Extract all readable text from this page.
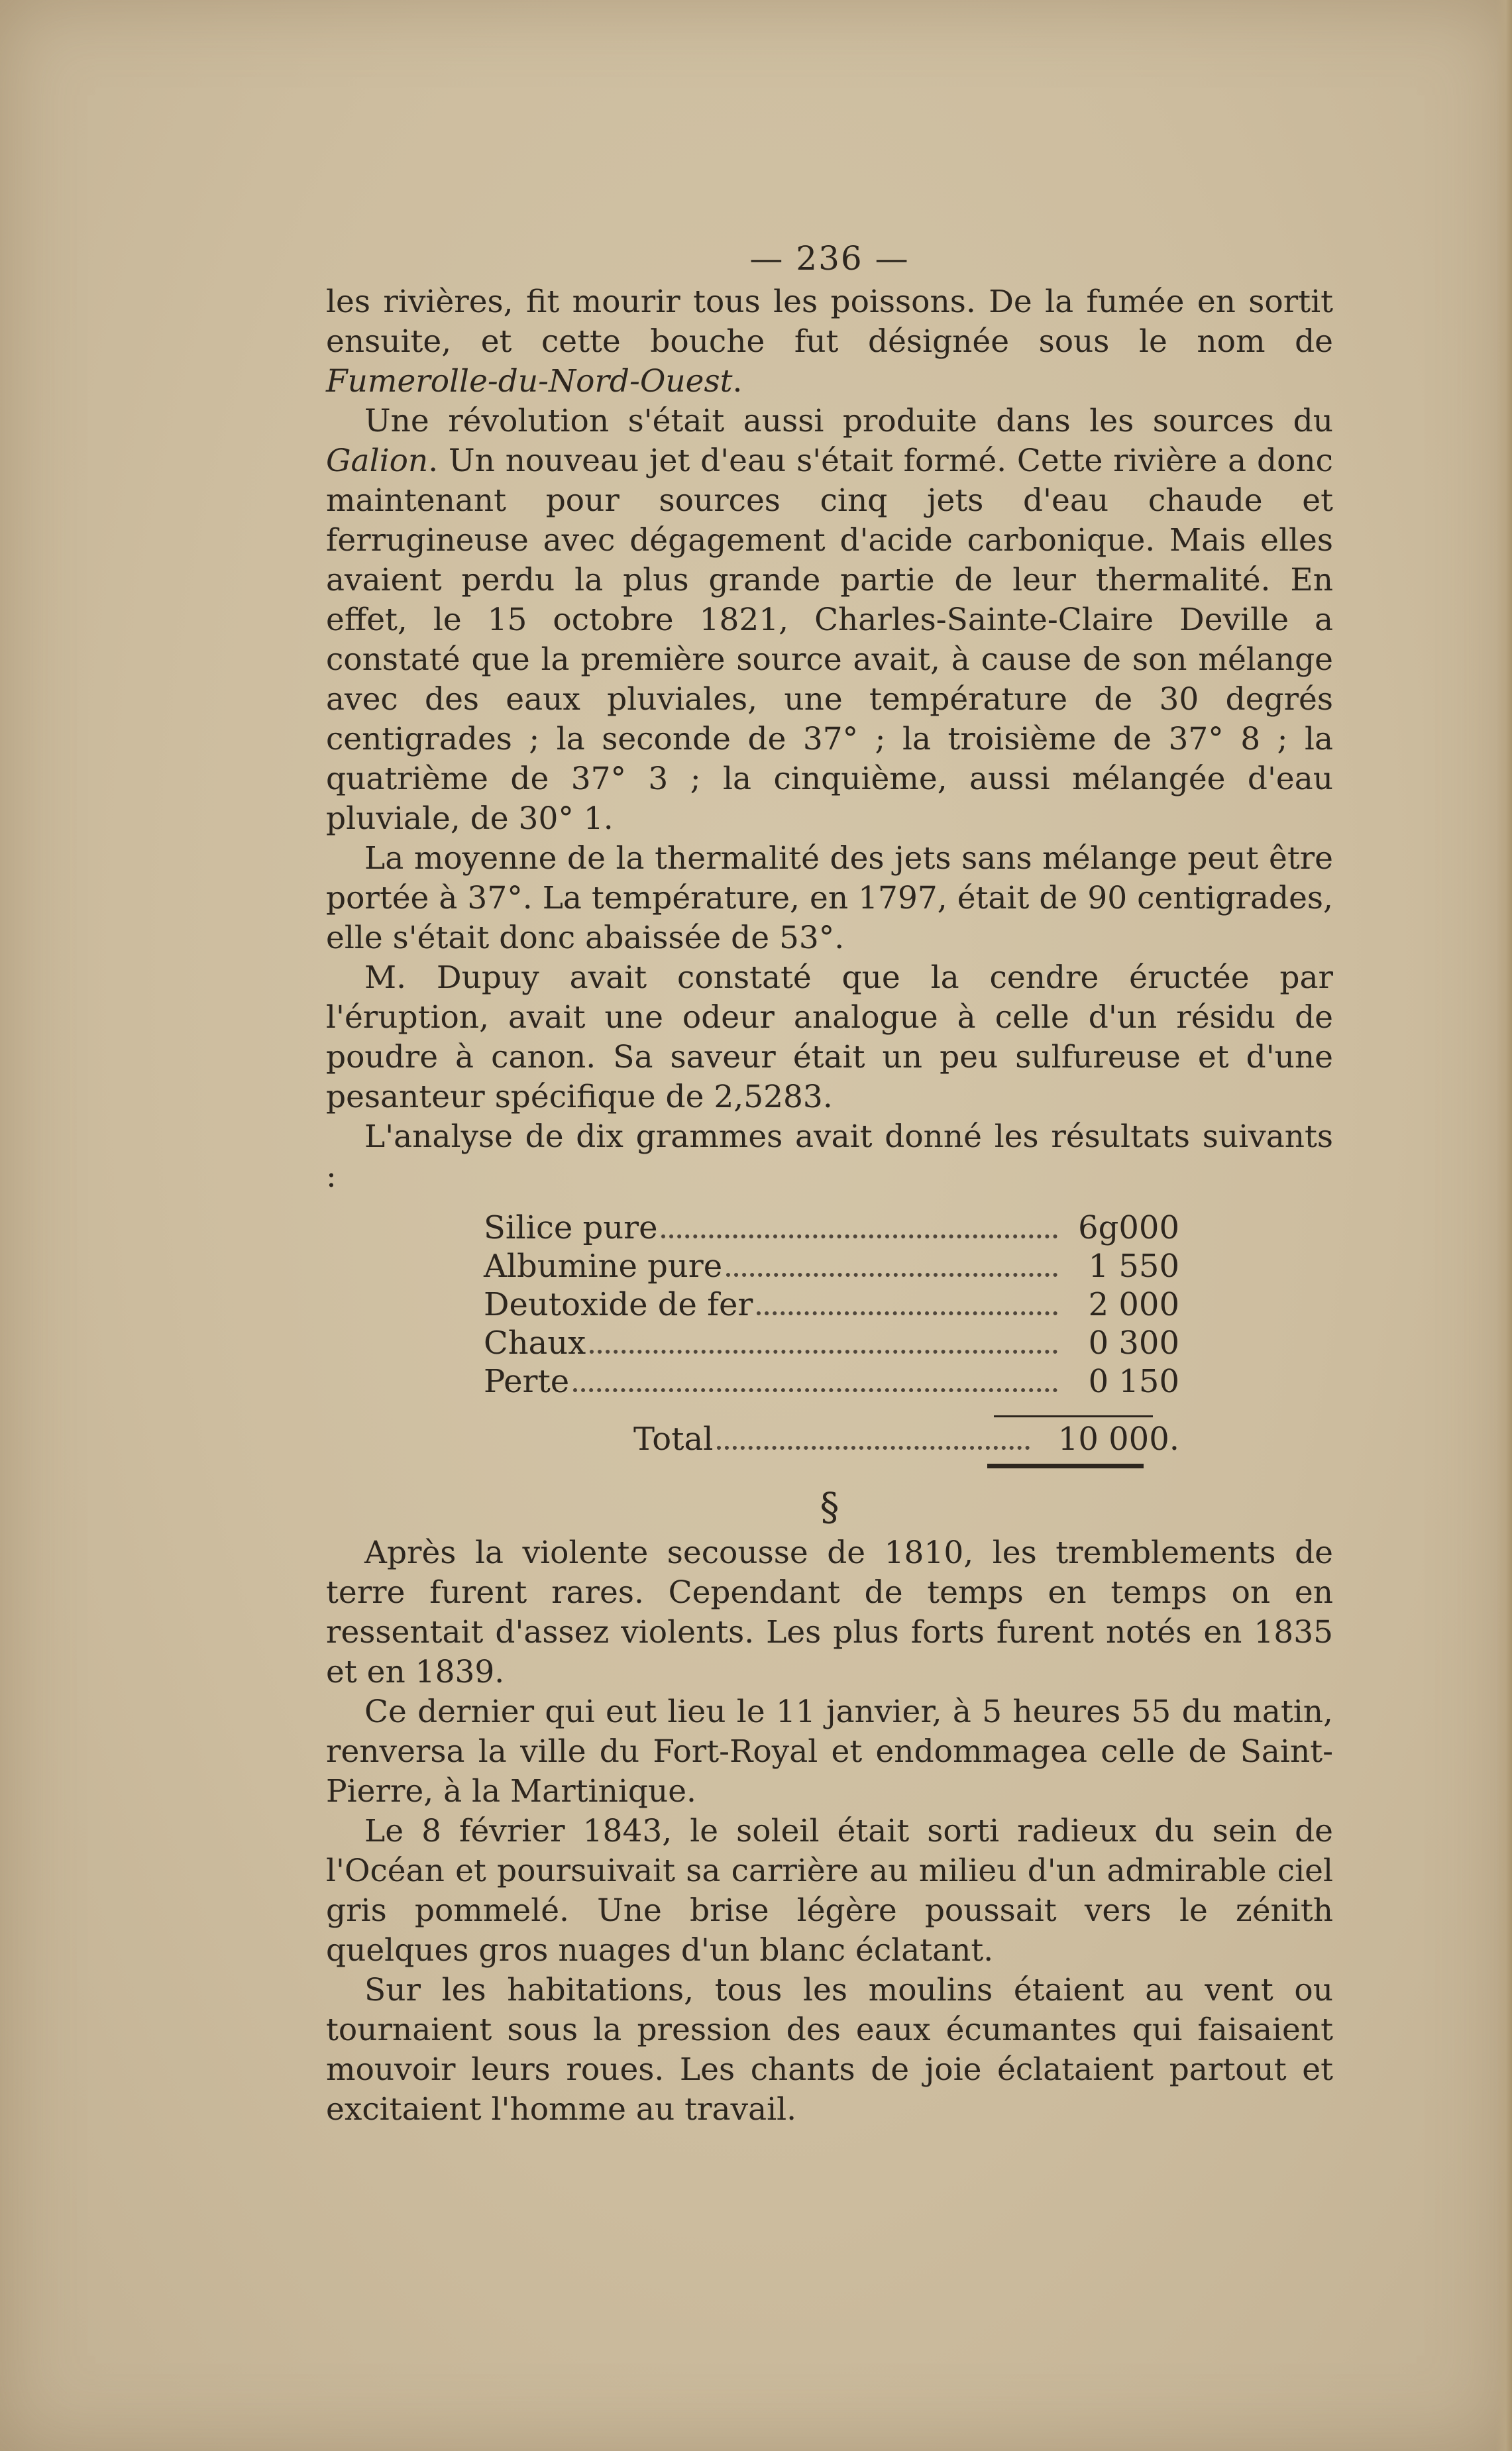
— 236 —

les rivières, fit mourir tous les poissons. De la fumée en sortit ensuite, et cette bouche fut désignée sous le nom de Fumerolle-du-Nord-Ouest.

Une révolution s'était aussi produite dans les sources du Galion. Un nouveau jet d'eau s'était formé. Cette rivière a donc maintenant pour sources cinq jets d'eau chaude et ferrugineuse avec dégagement d'acide carbonique. Mais elles avaient perdu la plus grande partie de leur thermalité. En effet, le 15 octobre 1821, Charles-Sainte-Claire Deville a constaté que la première source avait, à cause de son mélange avec des eaux pluviales, une température de 30 degrés centigrades ; la seconde de 37° ; la troisième de 37° 8 ; la quatrième de 37° 3 ; la cinquième, aussi mélangée d'eau pluviale, de 30° 1.

La moyenne de la thermalité des jets sans mélange peut être portée à 37°. La température, en 1797, était de 90 centigrades, elle s'était donc abaissée de 53°.

M. Dupuy avait constaté que la cendre éructée par l'éruption, avait une odeur analogue à celle d'un résidu de poudre à canon. Sa saveur était un peu sulfureuse et d'une pesanteur spécifique de 2,5283.

L'analyse de dix grammes avait donné les résultats suivants :

Silice pure	6g000
Albumine pure	1 550
Deutoxide de fer	2 000
Chaux	0 300
Perte	0 150
Total	10 000.
§

Après la violente secousse de 1810, les tremblements de terre furent rares. Cependant de temps en temps on en ressentait d'assez violents. Les plus forts furent notés en 1835 et en 1839.

Ce dernier qui eut lieu le 11 janvier, à 5 heures 55 du matin, renversa la ville du Fort-Royal et endommagea celle de Saint-Pierre, à la Martinique.

Le 8 février 1843, le soleil était sorti radieux du sein de l'Océan et poursuivait sa carrière au milieu d'un admirable ciel gris pommelé. Une brise légère poussait vers le zénith quelques gros nuages d'un blanc éclatant.

Sur les habitations, tous les moulins étaient au vent ou tournaient sous la pression des eaux écumantes qui faisaient mouvoir leurs roues. Les chants de joie éclataient partout et excitaient l'homme au travail.
